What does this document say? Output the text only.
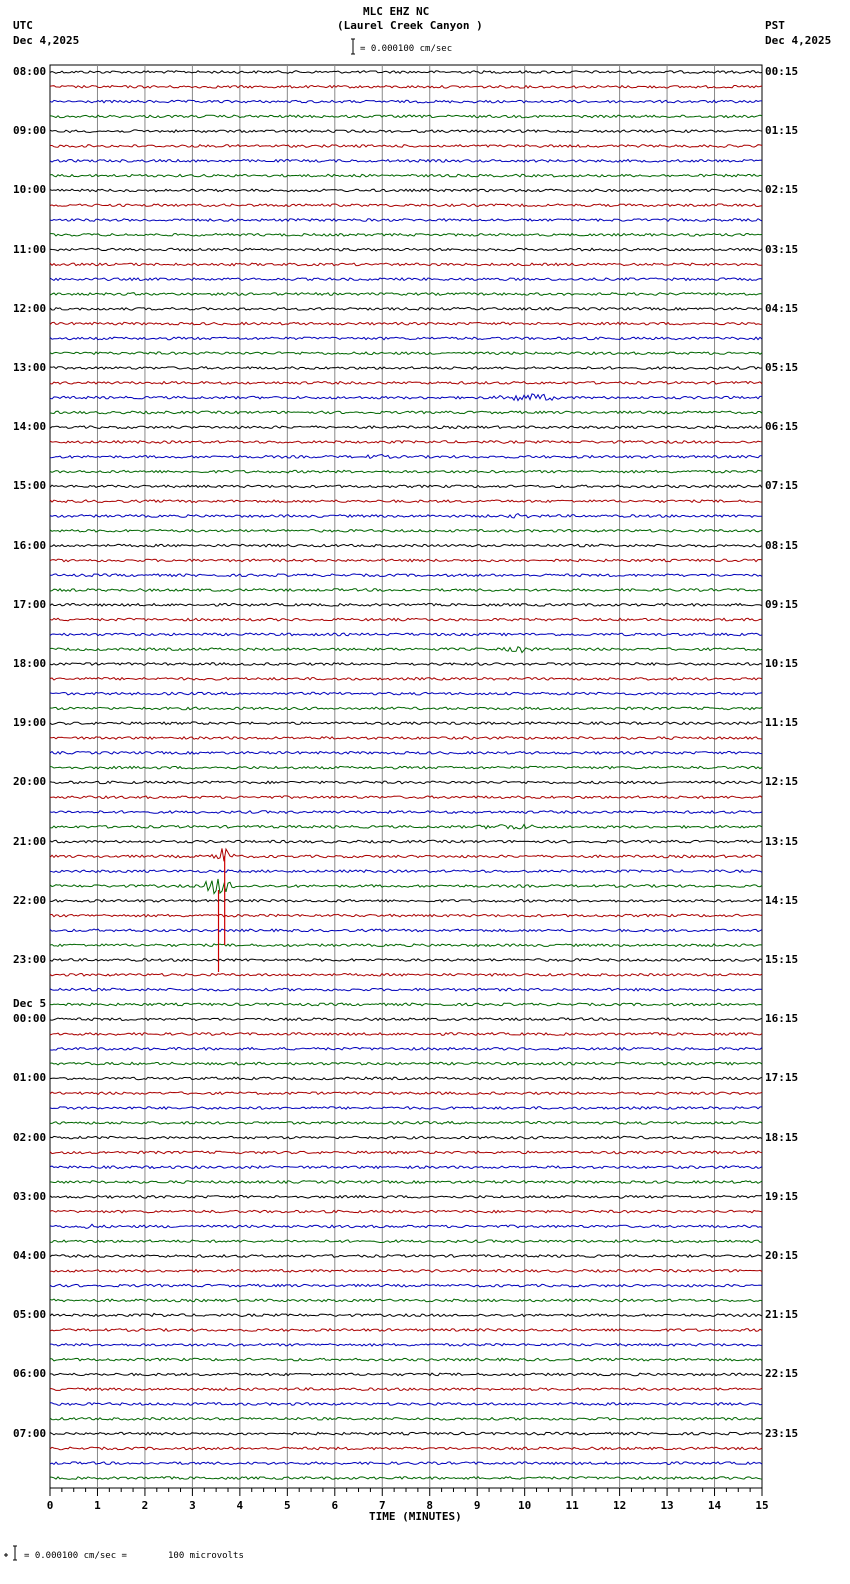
0	1	2	3	4	5	6	7	8	9	10	11	12	13	14	15
MLC EHZ NC
(Laurel Creek Canyon )
= 0.000100 cm/sec
UTC
Dec 4,2025
PST
Dec 4,2025
08:00
09:00
10:00
11:00
12:00
13:00
14:00
15:00
16:00
17:00
18:00
19:00
20:00
21:00
22:00
23:00
00:00
01:00
02:00
03:00
04:00
05:00
06:00
07:00
00:15
01:15
02:15
03:15
04:15
05:15
06:15
07:15
08:15
09:15
10:15
11:15
12:15
13:15
14:15
15:15
16:15
17:15
18:15
19:15
20:15
21:15
22:15
23:15
Dec 5
TIME (MINUTES)
= 0.000100 cm/sec =	100 microvolts
